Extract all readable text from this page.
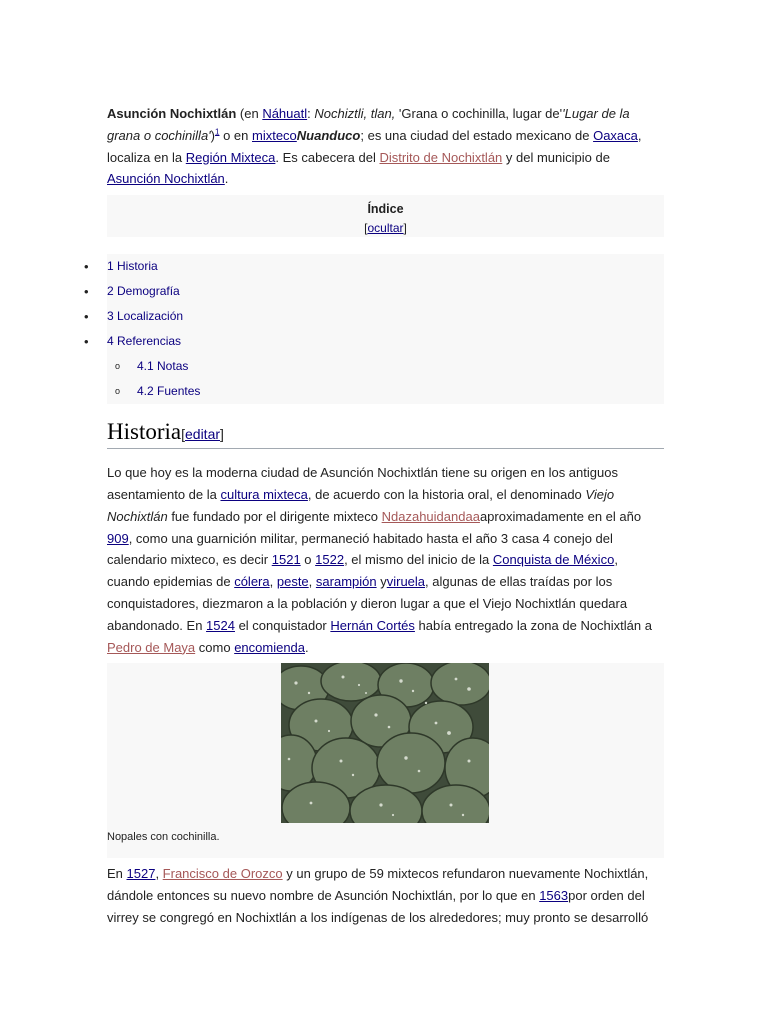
Asunción Nochixtlán (en Náhuatl: Nochiztli, tlan, 'Grana o cochinilla, lugar de''Lugar de la grana o cochinilla')$^1$ o en mixtecoNuanduco; es una ciudad del estado mexicano de Oaxaca, localiza en la Región Mixteca. Es cabecera del Distrito de Nochixtlán y del municipio de Asunción Nochixtlán.

Índice
[ocultar]
• 1 Historia
• 2 Demografía
• 3 Localización
• 4 Referencias
o 4.1 Notas
o 4.2 Fuentes
Historia[editar]

Lo que hoy es la moderna ciudad de Asunción Nochixtlán tiene su origen en los antiguos asentamiento de la cultura mixteca, de acuerdo con la historia oral, el denominado Viejo Nochixtlán fue fundado por el dirigente mixteco Ndazahuidandaaaproximadamente en el año 909, como una guarnición militar, permaneció habitado hasta el año 3 casa 4 conejo del calendario mixteco, es decir 1521 o 1522, el mismo del inicio de la Conquista de México, cuando epidemias de cólera, peste, sarampión yviruela, algunas de ellas traídas por los conquistadores, diezmaron a la población y dieron lugar a que el Viejo Nochixtlán quedara abandonado. En 1524 el conquistador Hernán Cortés había entregado la zona de Nochixtlán a Pedro de Maya como encomienda.

Nopales con cochinilla.

En 1527, Francisco de Orozco y un grupo de 59 mixtecos refundaron nuevamente Nochixtlán, dándole entonces su nuevo nombre de Asunción Nochixtlán, por lo que en 1563por orden del virrey se congregó en Nochixtlán a los indígenas de los alrededores; muy pronto se desarrolló
